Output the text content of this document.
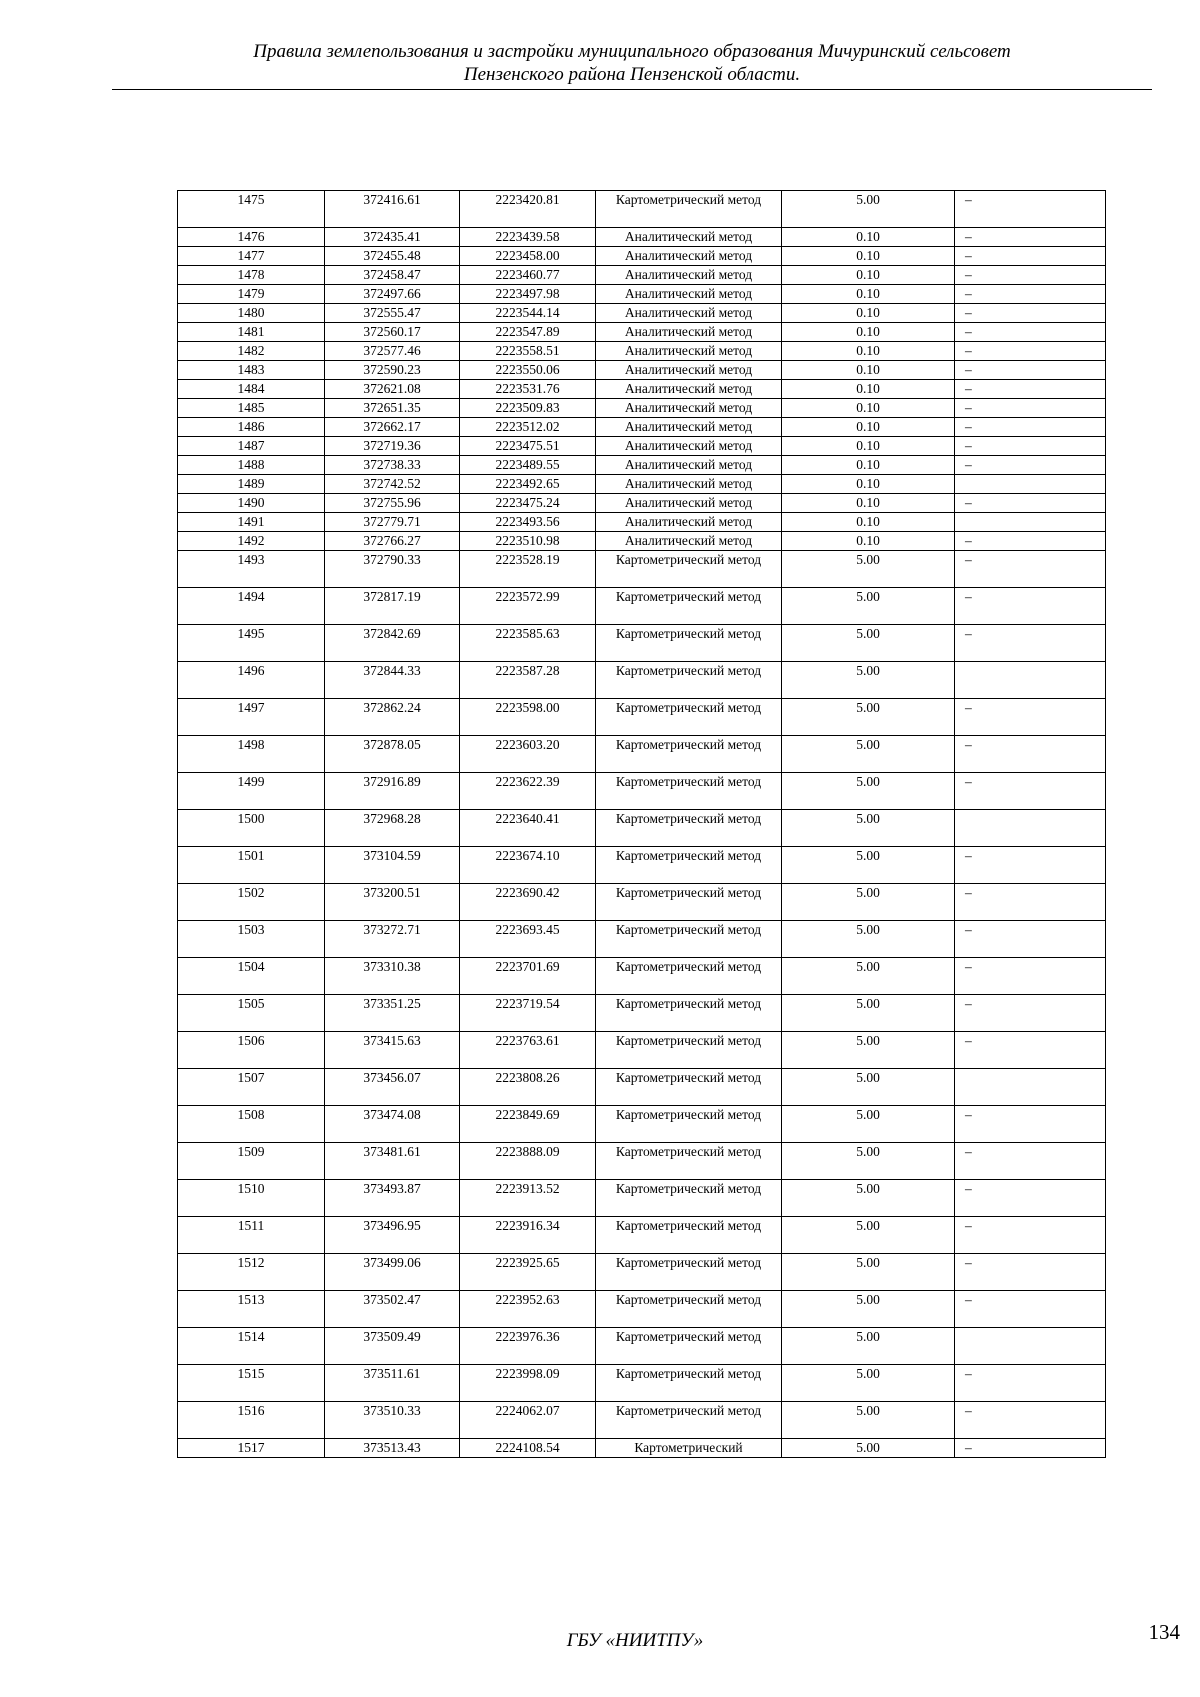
Правила землепользования и застройки муниципального образования Мичуринский сельсовет
Пензенского района Пензенской области.
1475	372416.61	2223420.81	Картометрический метод	5.00	–
1476	372435.41	2223439.58	Аналитический метод	0.10	–
1477	372455.48	2223458.00	Аналитический метод	0.10	–
1478	372458.47	2223460.77	Аналитический метод	0.10	–
1479	372497.66	2223497.98	Аналитический метод	0.10	–
1480	372555.47	2223544.14	Аналитический метод	0.10	–
1481	372560.17	2223547.89	Аналитический метод	0.10	–
1482	372577.46	2223558.51	Аналитический метод	0.10	–
1483	372590.23	2223550.06	Аналитический метод	0.10	–
1484	372621.08	2223531.76	Аналитический метод	0.10	–
1485	372651.35	2223509.83	Аналитический метод	0.10	–
1486	372662.17	2223512.02	Аналитический метод	0.10	–
1487	372719.36	2223475.51	Аналитический метод	0.10	–
1488	372738.33	2223489.55	Аналитический метод	0.10	–
1489	372742.52	2223492.65	Аналитический метод	0.10	
1490	372755.96	2223475.24	Аналитический метод	0.10	–
1491	372779.71	2223493.56	Аналитический метод	0.10	
1492	372766.27	2223510.98	Аналитический метод	0.10	–
1493	372790.33	2223528.19	Картометрический метод	5.00	–
1494	372817.19	2223572.99	Картометрический метод	5.00	–
1495	372842.69	2223585.63	Картометрический метод	5.00	–
1496	372844.33	2223587.28	Картометрический метод	5.00	
1497	372862.24	2223598.00	Картометрический метод	5.00	–
1498	372878.05	2223603.20	Картометрический метод	5.00	–
1499	372916.89	2223622.39	Картометрический метод	5.00	–
1500	372968.28	2223640.41	Картометрический метод	5.00	
1501	373104.59	2223674.10	Картометрический метод	5.00	–
1502	373200.51	2223690.42	Картометрический метод	5.00	–
1503	373272.71	2223693.45	Картометрический метод	5.00	–
1504	373310.38	2223701.69	Картометрический метод	5.00	–
1505	373351.25	2223719.54	Картометрический метод	5.00	–
1506	373415.63	2223763.61	Картометрический метод	5.00	–
1507	373456.07	2223808.26	Картометрический метод	5.00	
1508	373474.08	2223849.69	Картометрический метод	5.00	–
1509	373481.61	2223888.09	Картометрический метод	5.00	–
1510	373493.87	2223913.52	Картометрический метод	5.00	–
1511	373496.95	2223916.34	Картометрический метод	5.00	–
1512	373499.06	2223925.65	Картометрический метод	5.00	–
1513	373502.47	2223952.63	Картометрический метод	5.00	–
1514	373509.49	2223976.36	Картометрический метод	5.00	
1515	373511.61	2223998.09	Картометрический метод	5.00	–
1516	373510.33	2224062.07	Картометрический метод	5.00	–
1517	373513.43	2224108.54	Картометрический	5.00	–
ГБУ «НИИТПУ»	134
